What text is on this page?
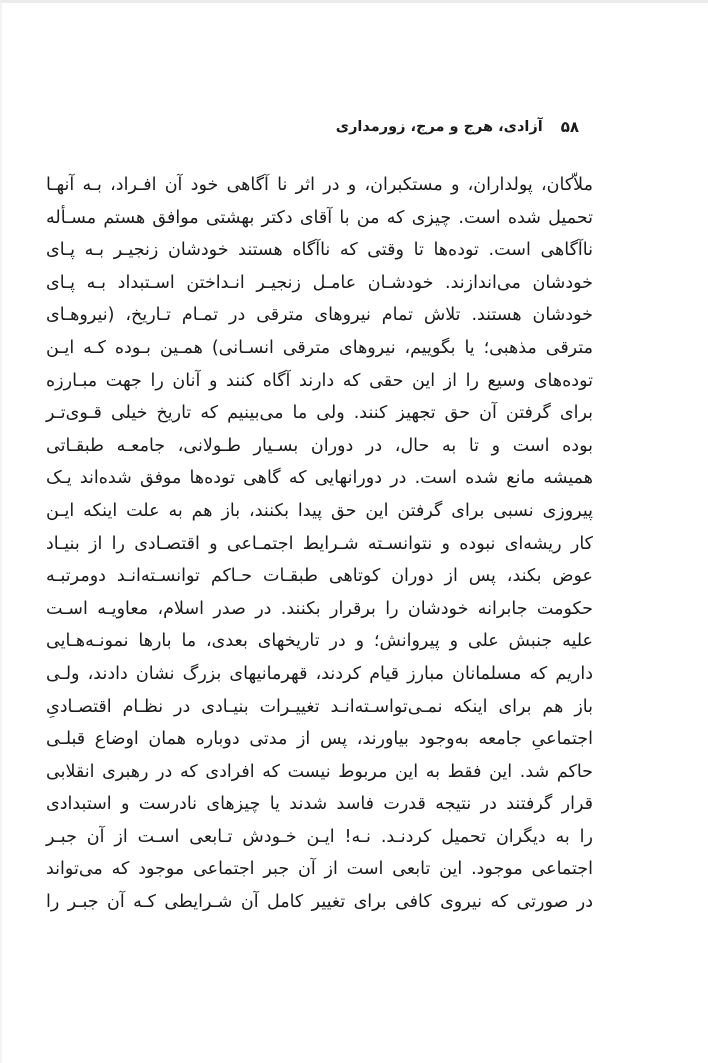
۵۸
آزادی، هرج و مرج، زورمداری
ملاّکان، پولداران، و مستکبران، و در اثر نا آگاهی خود آن افـراد، بـه آنهـا
تحمیل شده است. چیزی که من با آقای دکتر بهشتی موافق هستم مسـأله
ناآگاهی است. توده‌ها تا وقتی که ناآگاه هستند خودشان زنجیـر بـه پـای
خودشان می‌اندازند. خودشـان عامـل زنجیـر انـداختن اسـتبداد بـه پـای
خودشان هستند. تلاش تمام نیروهای مترقی در تمـام تـاریخ، (نیروهـای
مترقی مذهبی؛ یا بگوییم، نیروهای مترقی انسـانی) همـین بـوده کـه ایـن
توده‌های وسیع را از این حقی که دارند آگاه کنند و آنان را جهت مبـارزه
برای گرفتن آن حق تجهیز کنند. ولی ما می‌بینیم که تاریخ خیلی قـوی‌تـر
بوده است و تا به حال، در دوران بسـیار طـولانی، جامعـه طبقـاتی
همیشه مانع شده است. در دورانهایی که گاهی توده‌ها موفق شده‌اند یـک
پیروزی نسبی برای گرفتن این حق پیدا بکنند، باز هم به علت اینکه ایـن
کار ریشه‌ای نبوده و نتوانسـته شـرایط اجتمـاعی و اقتصـادی را از بنیـاد
عوض بکند، پس از دوران کوتاهی طبقـات حـاکم توانسـته‌انـد دومرتبـه
حکومت جابرانه خودشان را برقرار بکنند. در صدر اسلام، معاویـه اسـت
علیه جنبش علی و پیروانش؛ و در تاریخهای بعدی، ما بارها نمونـه‌هـایی
داریم که مسلمانان مبارز قیام کردند، قهرمانیهای بزرگ نشان دادند، ولـی
باز هم برای اینکه نمـی‌تواسـته‌انـد تغییـرات بنیـادی در نظـام اقتصـادیِ
اجتماعیِ جامعه به‌وجود بیاورند، پس از مدتی دوباره همان اوضاع قبلـی
حاکم شد. این فقط به این مربوط نیست که افرادی که در رهبری انقلابی
قرار گرفتند در نتیجه قدرت فاسد شدند یا چیزهای نادرست و استبدادی
را به دیگران تحمیل کردنـد. نـه! ایـن خـودش تـابعی اسـت از آن جبـر
اجتماعی موجود. این تابعی است از آن جبر اجتماعی موجود که می‌تواند
در صورتی که نیروی کافی برای تغییر کامل آن شـرایطی کـه آن جبـر را
